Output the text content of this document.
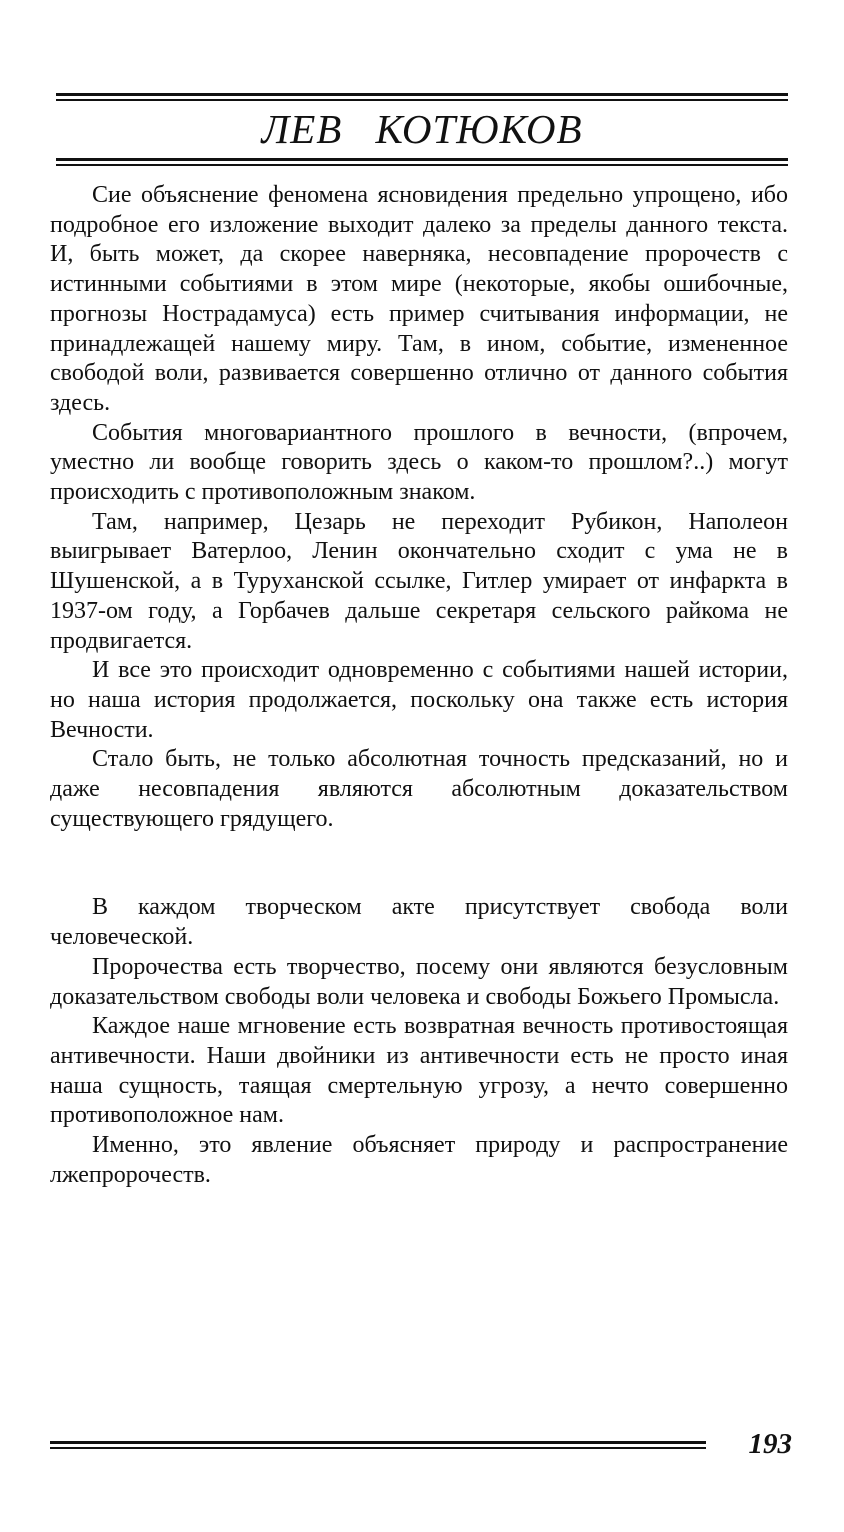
ЛЕВ КОТЮКОВ

Сие объяснение феномена ясновидения предельно упрощено, ибо подробное его изложение выходит далеко за пределы данного текста. И, быть может, да скорее наверняка, несовпадение пророчеств с истинными событиями в этом мире (некоторые, якобы ошибочные, прогнозы Нострадамуса) есть пример считывания информации, не принадлежащей нашему миру. Там, в ином, событие, измененное свободой воли, развивается совершенно отлично от данного события здесь.

События многовариантного прошлого в вечности, (впрочем, уместно ли вообще говорить здесь о каком-то прошлом?..) могут происходить с противоположным знаком.

Там, например, Цезарь не переходит Рубикон, Наполеон выигрывает Ватерлоо, Ленин окончательно сходит с ума не в Шушенской, а в Туруханской ссылке, Гитлер умирает от инфаркта в 1937-ом году, а Горбачев дальше секретаря сельского райкома не продвигается.

И все это происходит одновременно с событиями нашей истории, но наша история продолжается, поскольку она также есть история Вечности.

Стало быть, не только абсолютная точность предсказаний, но и даже несовпадения являются абсолютным доказательством существующего грядущего.

В каждом творческом акте присутствует свобода воли человеческой.

Пророчества есть творчество, посему они являются безусловным доказательством свободы воли человека и свободы Божьего Промысла.

Каждое наше мгновение есть возвратная вечность противостоящая антивечности. Наши двойники из антивечности есть не просто иная наша сущность, таящая смертельную угрозу, а нечто совершенно противоположное нам.

Именно, это явление объясняет природу и распространение лжепророчеств.

193
